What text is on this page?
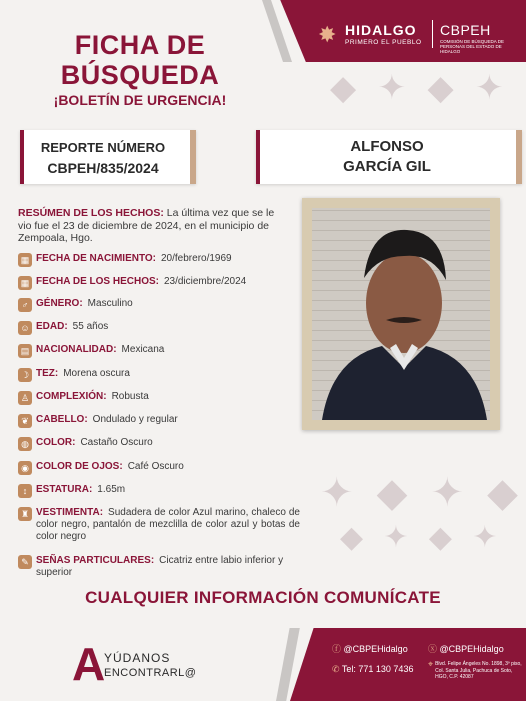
◆ ✦ ◆ ✦
✦ ◆ ✦ ◆
◆ ✦ ◆ ✦
✸ HIDALGO
PRIMERO EL PUEBLO
CBPEH
COMISIÓN DE BÚSQUEDA DE PERSONAS DEL ESTADO DE HIDALGO
FICHA DE
BÚSQUEDA
¡BOLETÍN DE URGENCIA!
REPORTE NÚMERO
CBPEH/835/2024
ALFONSO
GARCÍA GIL
RESÚMEN DE LOS HECHOS: La última vez que se le vio fue el 23 de diciembre de 2024, en el municipio de Zempoala, Hgo.
▦ FECHA DE NACIMIENTO: 20/febrero/1969
▦ FECHA DE LOS HECHOS: 23/diciembre/2024
♂ GÉNERO: Masculino
☺ EDAD: 55 años
▤ NACIONALIDAD: Mexicana
☽ TEZ: Morena oscura
♙ COMPLEXIÓN: Robusta
❦ CABELLO: Ondulado y regular
◍ COLOR: Castaño Oscuro
◉ COLOR DE OJOS: Café Oscuro
↕ ESTATURA: 1.65m
♜ VESTIMENTA: Sudadera de color Azul marino, chaleco de color negro, pantalón de mezclilla de color azul y botas de color negro
✎ SEÑAS PARTICULARES: Cicatriz entre labio inferior y superior
CUALQUIER INFORMACIÓN COMUNÍCATE
A
YÚDANOS
ENCONTRARL@
ⓕ @CBPEHidalgo ⓧ @CBPEHidalgo
✆ Tel: 771 130 7436 ⌖ Blvd. Felipe Ángeles No. 1898, 3º piso, Col. Santa Julia, Pachuca de Soto, HGO, C.P. 42087
